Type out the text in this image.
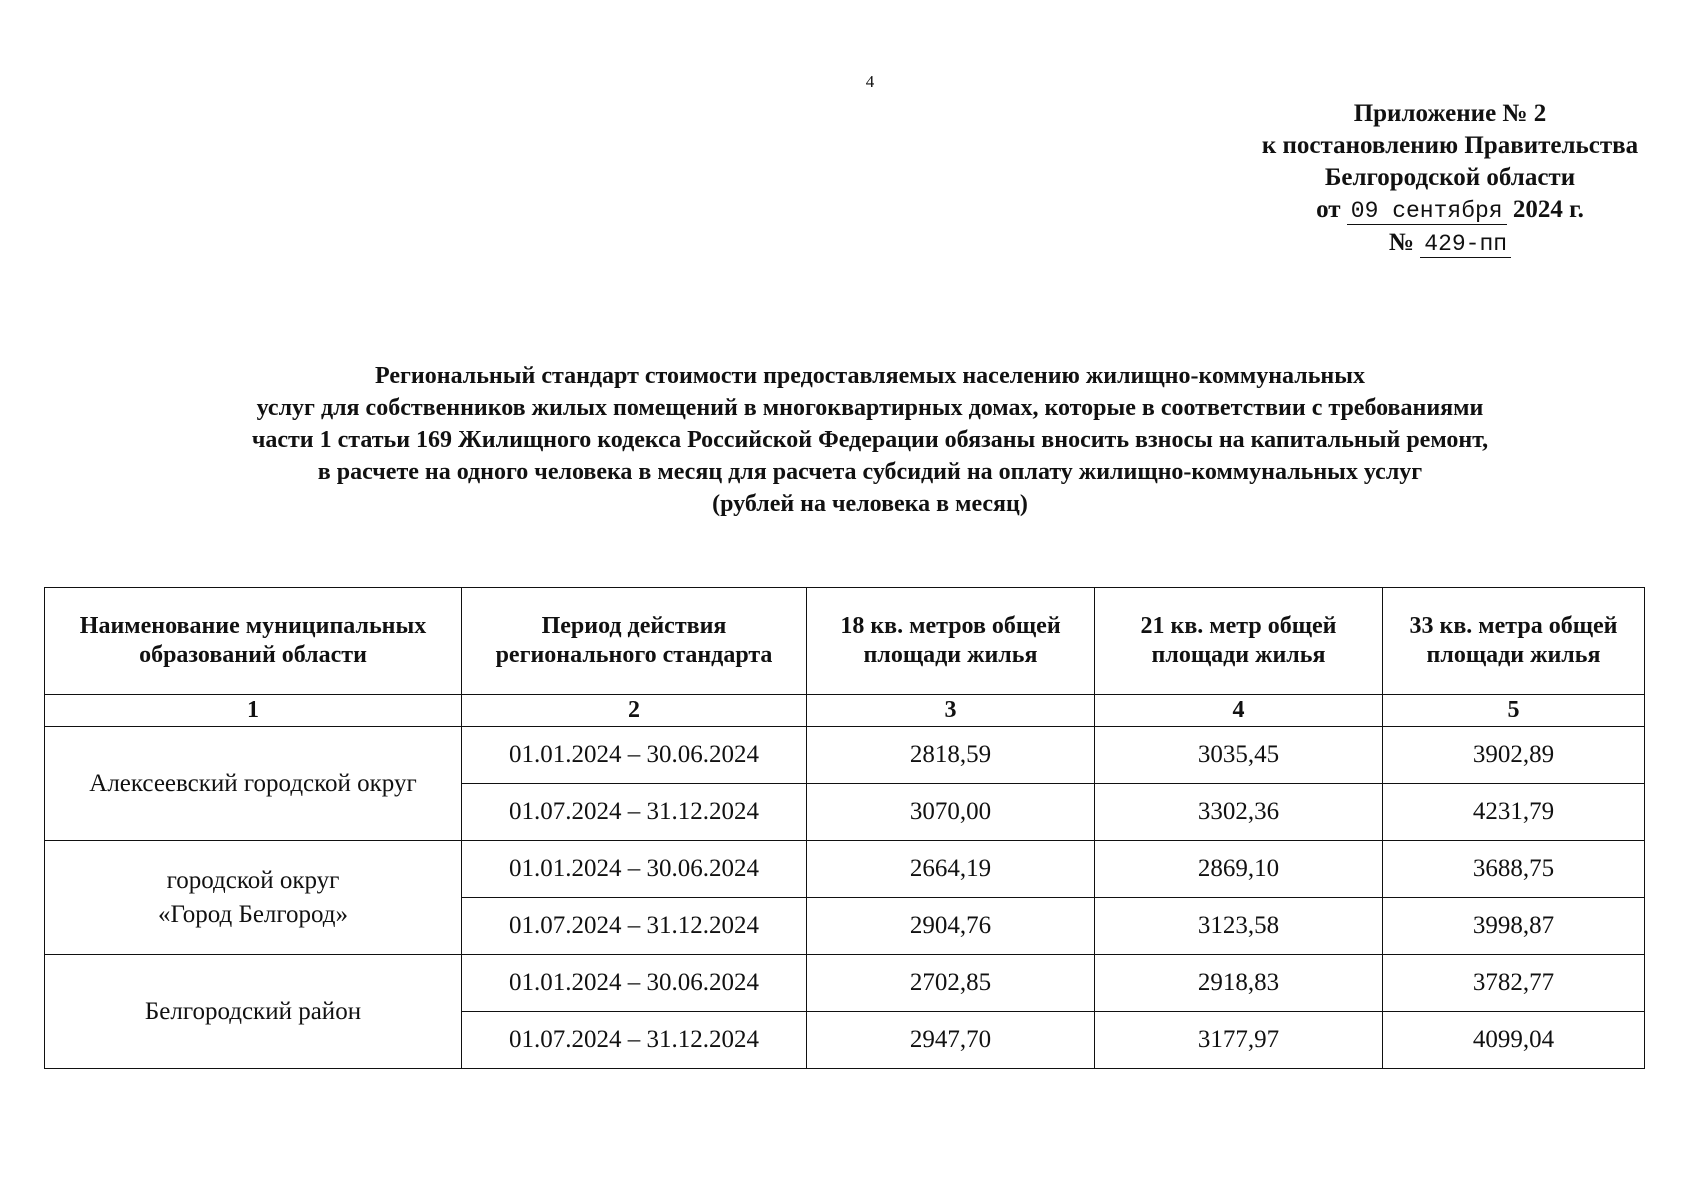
4
Приложение № 2
к постановлению Правительства
Белгородской области
от 09 сентября 2024 г.
№ 429-пп
Региональный стандарт стоимости предоставляемых населению жилищно-коммунальных
услуг для собственников жилых помещений в многоквартирных домах, которые в соответствии с требованиями
части 1 статьи 169 Жилищного кодекса Российской Федерации обязаны вносить взносы на капитальный ремонт,
в расчете на одного человека в месяц для расчета субсидий на оплату жилищно-коммунальных услуг
(рублей на человека в месяц)
Наименование муниципальных образований области	Период действия регионального стандарта	18 кв. метров общей площади жилья	21 кв. метр общей площади жилья	33 кв. метра общей площади жилья
1	2	3	4	5

Алексеевский городской округ	01.01.2024 – 30.06.2024	2818,59	3035,45	3902,89
	01.07.2024 – 31.12.2024	3070,00	3302,36	4231,79

городской округ
«Город Белгород»	01.01.2024 – 30.06.2024	2664,19	2869,10	3688,75
	01.07.2024 – 31.12.2024	2904,76	3123,58	3998,87

Белгородский район	01.01.2024 – 30.06.2024	2702,85	2918,83	3782,77
	01.07.2024 – 31.12.2024	2947,70	3177,97	4099,04
